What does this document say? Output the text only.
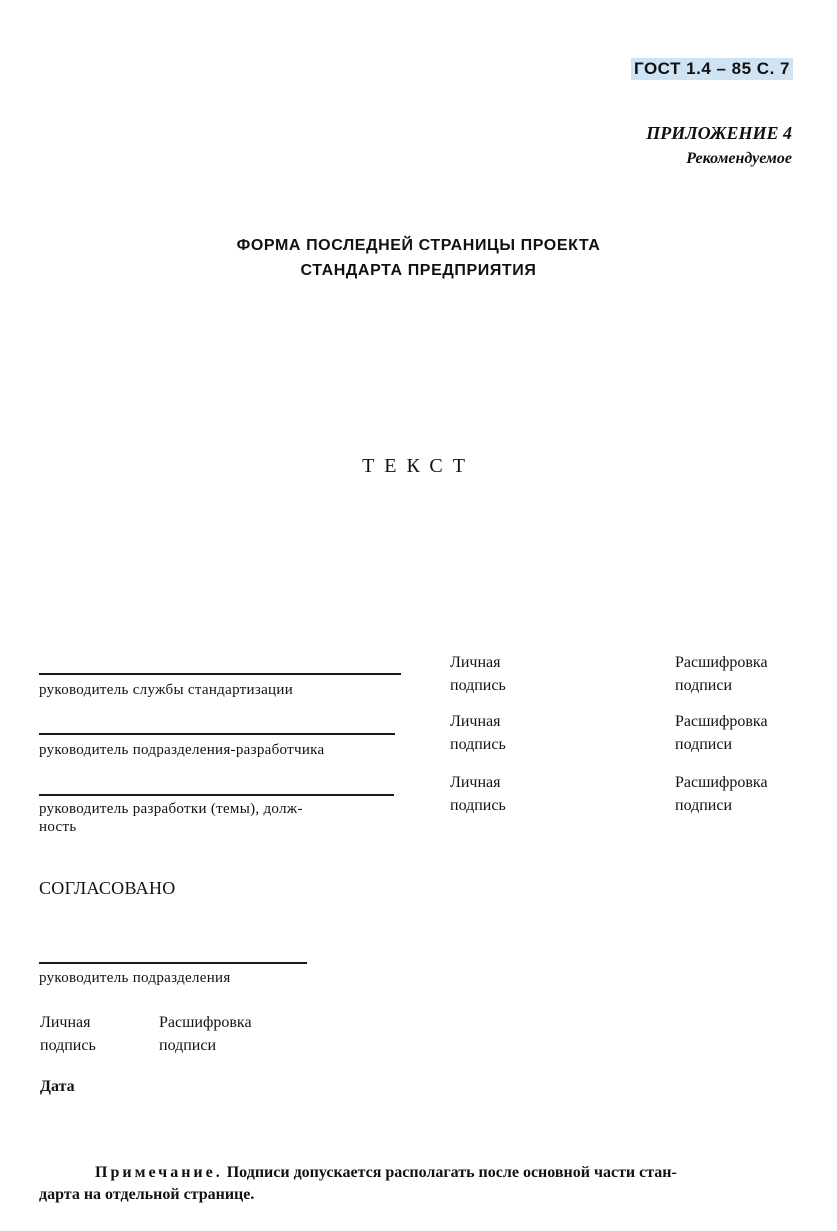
ГОСТ 1.4 – 85 С. 7
ПРИЛОЖЕНИЕ 4
Рекомендуемое
ФОРМА ПОСЛЕДНЕЙ СТРАНИЦЫ ПРОЕКТА
СТАНДАРТА ПРЕДПРИЯТИЯ
ТЕКСТ
руководитель службы стандартизации
Личная
подпись
Расшифровка
подписи
руководитель подразделения-разработчика
Личная
подпись
Расшифровка
подписи
руководитель разработки (темы), долж-
ность
Личная
подпись
Расшифровка
подписи
СОГЛАСОВАНО
руководитель подразделения
Личная
подпись
Расшифровка
подписи
Дата
Примечание. Подписи допускается располагать после основной части стан-
дарта на отдельной странице.
